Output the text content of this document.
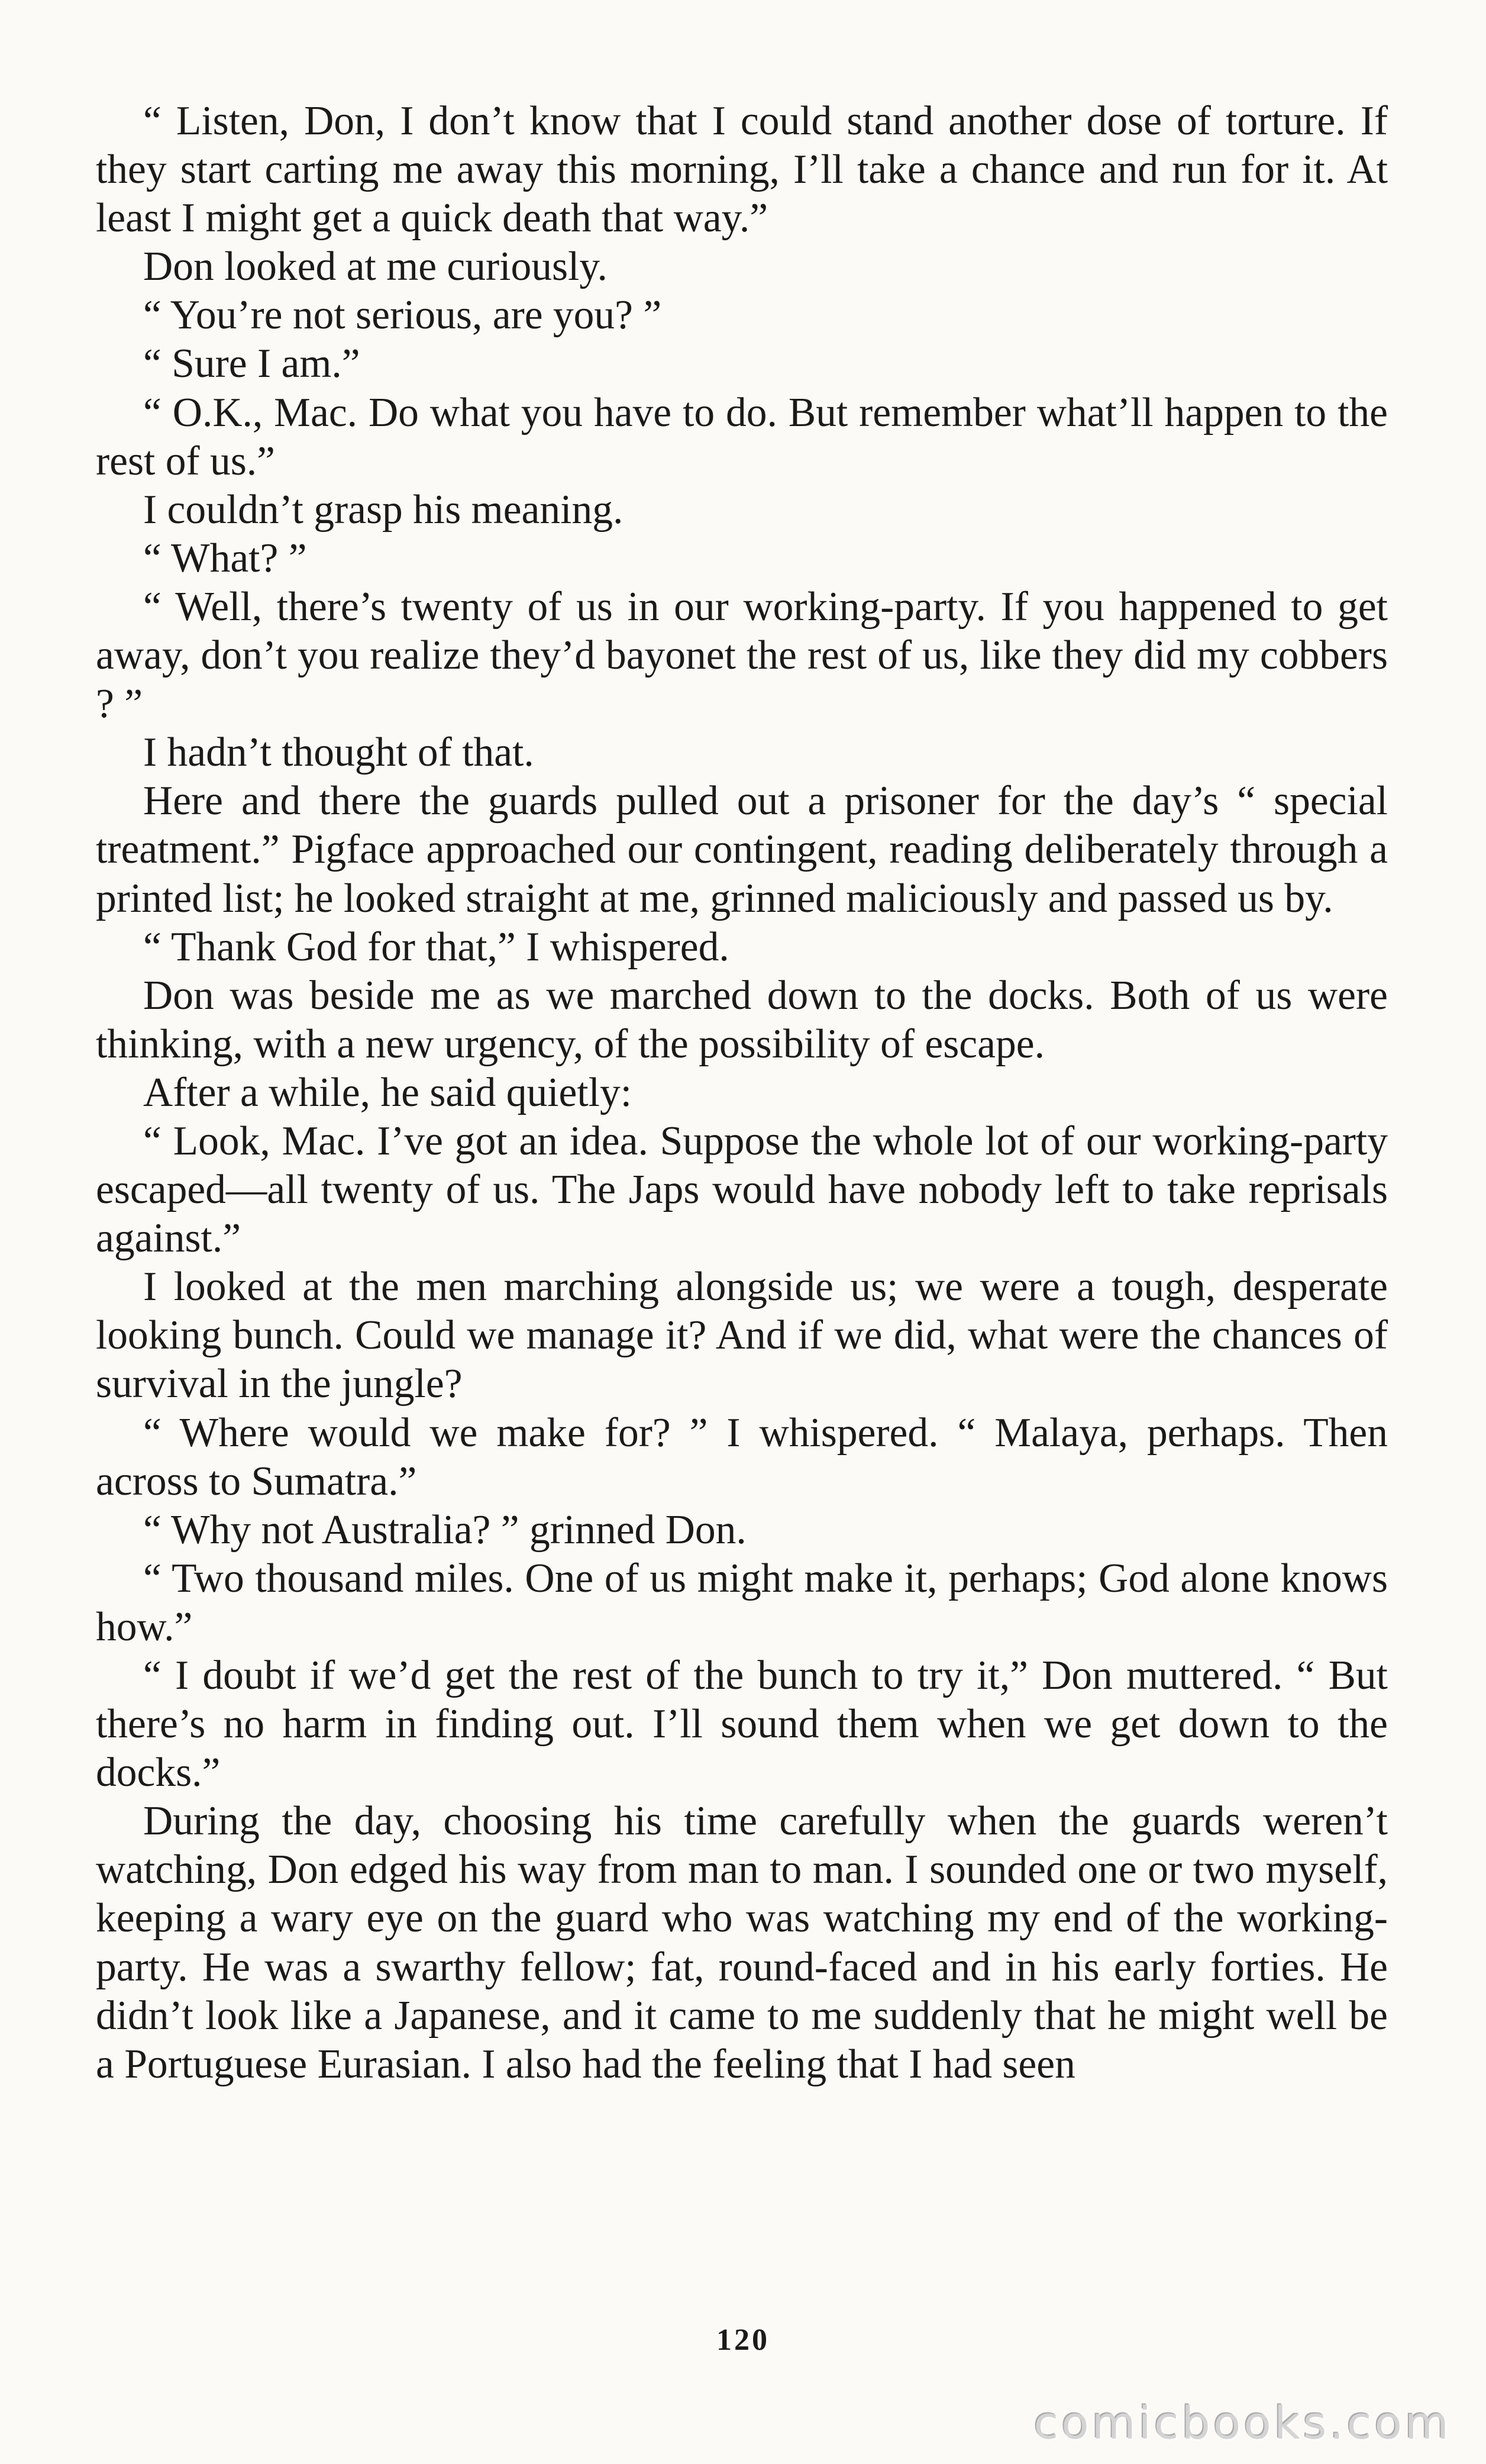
“ Listen, Don, I don’t know that I could stand another dose of torture. If they start carting me away this morning, I’ll take a chance and run for it. At least I might get a quick death that way.”

Don looked at me curiously.

“ You’re not serious, are you? ”

“ Sure I am.”

“ O.K., Mac. Do what you have to do. But remember what’ll happen to the rest of us.”

I couldn’t grasp his meaning.

“ What? ”

“ Well, there’s twenty of us in our working-party. If you happened to get away, don’t you realize they’d bayonet the rest of us, like they did my cobbers ? ”

I hadn’t thought of that.

Here and there the guards pulled out a prisoner for the day’s “ special treatment.” Pigface approached our contingent, reading deliberately through a printed list; he looked straight at me, grinned maliciously and passed us by.

“ Thank God for that,” I whispered.

Don was beside me as we marched down to the docks. Both of us were thinking, with a new urgency, of the possibility of escape.

After a while, he said quietly:

“ Look, Mac. I’ve got an idea. Suppose the whole lot of our working-party escaped—all twenty of us. The Japs would have nobody left to take reprisals against.”

I looked at the men marching alongside us; we were a tough, desperate looking bunch. Could we manage it? And if we did, what were the chances of survival in the jungle?

“ Where would we make for? ” I whispered. “ Malaya, perhaps. Then across to Sumatra.”

“ Why not Australia? ” grinned Don.

“ Two thousand miles. One of us might make it, perhaps; God alone knows how.”

“ I doubt if we’d get the rest of the bunch to try it,” Don muttered. “ But there’s no harm in finding out. I’ll sound them when we get down to the docks.”

During the day, choosing his time carefully when the guards weren’t watching, Don edged his way from man to man. I sounded one or two myself, keeping a wary eye on the guard who was watching my end of the working-party. He was a swarthy fellow; fat, round-faced and in his early forties. He didn’t look like a Japanese, and it came to me suddenly that he might well be a Portuguese Eurasian. I also had the feeling that I had seen

120
comicbooks.com
